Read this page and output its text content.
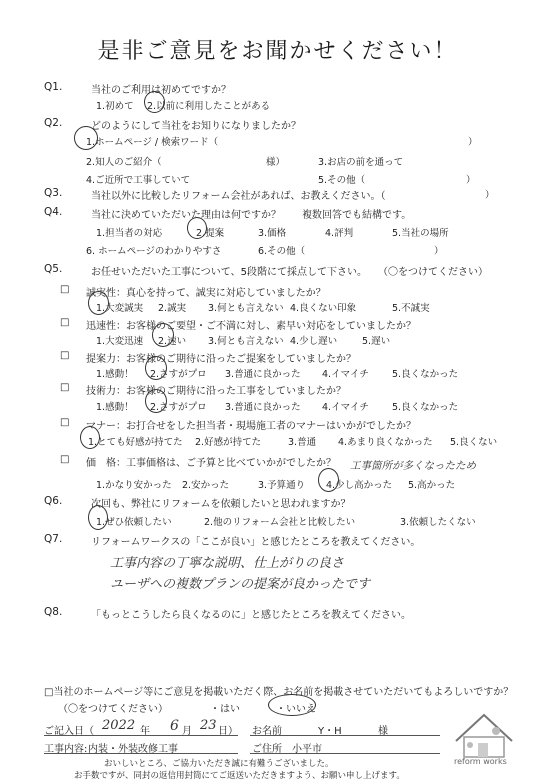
是非ご意見をお聞かせください！
Q1.	当社のご利用は初めてですか？
1.初めて 2.以前に利用したことがある
Q2.	どのようにして当社をお知りになりましたか？
1.ホームページ / 検索ワード（	）
2.知人のご紹介（	様）	3.お店の前を通って
4.ご近所で工事していて	5.その他（	）
Q3.	当社以外に比較したリフォーム会社があれば、お教えください。（	）
Q4.	当社に決めていただいた理由は何ですか？ 複数回答でも結構です。
1.担当者の対応	2.提案	3.価格	4.評判	5.当社の場所
6. ホームページのわかりやすさ	6.その他（	）
Q5.	お任せいただいた工事について、5段階にて採点して下さい。 （〇をつけてください）
□ 誠実性：真心を持って、誠実に対応していましたか？
1.大変誠実 2.誠実 3.何とも言えない 4.良くない印象	5.不誠実
□ 迅速性：お客様のご要望・ご不満に対し、素早い対応をしていましたか？
1.大変迅速 2.速い 3.何とも言えない 4.少し遅い	5.遅い
□ 提案力：お客様のご期待に沿ったご提案をしていましたか？
1.感動！ 2.さすがプロ 3.普通に良かった 4.イマイチ 5.良くなかった
□ 技術力：お客様のご期待に沿った工事をしていましたか？
1.感動！ 2.さすがプロ 3.普通に良かった 4.イマイチ 5.良くなかった
□ マナー：お打合せをした担当者・現場施工者のマナーはいかがでしたか？
1.とても好感が持てた 2.好感が持てた	3.普通 4.あまり良くなかった 5.良くない
□ 価　格：工事価格は、ご予算と比べていかがでしたか？ 工事箇所が多くなったため
1.かなり安かった 2.安かった	3.予算通り 4.少し高かった 5.高かった
Q6.	次回も、弊社にリフォームを依頼したいと思われますか？
1.ぜひ依頼したい	2.他のリフォーム会社と比較したい	3.依頼したくない
Q7.	リフォームワークスの「ここが良い」と感じたところを教えてください。
工事内容の丁寧な説明、仕上がりの良さ
ユーザへの複数プランの提案が良かったです
Q8.	「もっとこうしたら良くなるのに」と感じたところを教えてください。
□当社のホームページ等にご意見を掲載いただく際、お名前を掲載させていただいてもよろしいですか？
（〇をつけてください）	・はい	・いいえ
ご記入日（ 2022 年 6 月 23 日）
工事内容: 内装・外装改修工事
お名前	Y・H	様
ご住所 小平市
おいしいところ、ご協力いただき誠に有難うございました。
お手数ですが、同封の返信用封筒にてご返送いただきますよう、お願い申し上げます。
reform works
